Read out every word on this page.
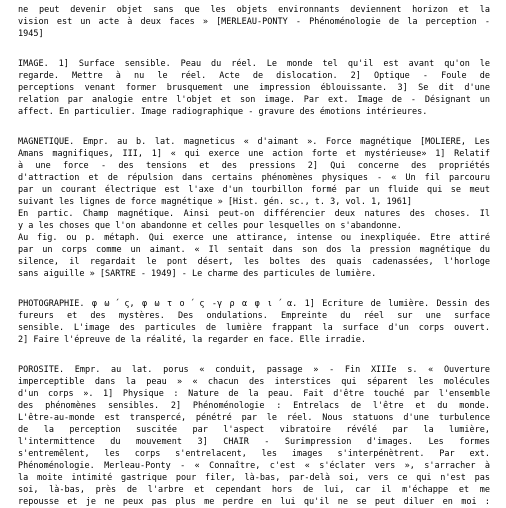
ne peut devenir objet sans que les objets environnants deviennent horizon et la
vision est un acte à deux faces » [MERLEAU-PONTY - Phénoménologie de la perception -
1945]
IMAGE. 1] Surface sensible. Peau du réel. Le monde tel qu'il est avant qu'on le
regarde. Mettre à nu le réel. Acte de dislocation. 2] Optique - Foule de
perceptions venant former brusquement une impression éblouissante. 3] Se dit d'une
relation par analogie entre l'objet et son image. Par ext. Image de - Désignant un
affect. En particulier. Image radiographique - gravure des émotions intérieures.
MAGNETIQUE. Empr. au b. lat. magneticus « d'aimant ». Force magnétique [MOLIERE, Les
Amans magnifiques, III, 1] « qui exerce une action forte et mystérieuse» 1] Relatif
à une force - des tensions et des pressions 2] Qui concerne des propriétés
d'attraction et de répulsion dans certains phénomènes physiques - « Un fil parcouru
par un courant électrique est l'axe d'un tourbillon formé par un fluide qui se meut
suivant les lignes de force magnétique » [Hist. gén. sc., t. 3, vol. 1, 1961]
En partic. Champ magnétique. Ainsi peut-on différencier deux natures des choses. Il
y a les choses que l'on abandonne et celles pour lesquelles on s'abandonne.
Au fig. ou p. métaph. Qui exerce une attirance, intense ou inexpliquée. Etre attiré
par un corps comme un aimant. « Il sentait dans son dos la pression magnétique du
silence, il regardait le pont désert, les boltes des quais cadenassées, l'horloge
sans aiguille » [SARTRE - 1949] - Le charme des particules de lumière.
PHOTOGRAPHIE. φ ω ́ ς, φ ω τ ο ́ ς -γ ρ α φ ι ́ α. 1] Ecriture de lumière. Dessin des
fureurs et des mystères. Des ondulations. Empreinte du réel sur une surface
sensible. L'image des particules de lumière frappant la surface d'un corps ouvert.
2] Faire l'épreuve de la réalité, la regarder en face. Elle irradie.
POROSITE. Empr. au lat. porus « conduit, passage » - Fin XIIIe s. « Ouverture
imperceptible dans la peau » « chacun des interstices qui séparent les molécules
d'un corps ». 1] Physique : Nature de la peau. Fait d'être touché par l'ensemble
des phénomènes sensibles. 2] Phénoménologie : Entrelacs de l'être et du monde.
L'être-au-monde est transpercé, pénétré par le réel. Nous statuons d'une turbulence
de la perception suscitée par l'aspect vibratoire révélé par la lumière,
l'intermittence du mouvement 3] CHAIR - Surimpression d'images. Les formes
s'entremêlent, les corps s'entrelacent, les images s'interpénètrent. Par ext.
Phénoménologie. Merleau-Ponty - « Connaître, c'est « s'éclater vers », s'arracher à
la moite intimité gastrique pour filer, là-bas, par-delà soi, vers ce qui n'est pas
soi, là-bas, près de l'arbre et cependant hors de lui, car il m'échappe et me
repousse et je ne peux pas plus me perdre en lui qu'il ne se peut diluer en moi :
